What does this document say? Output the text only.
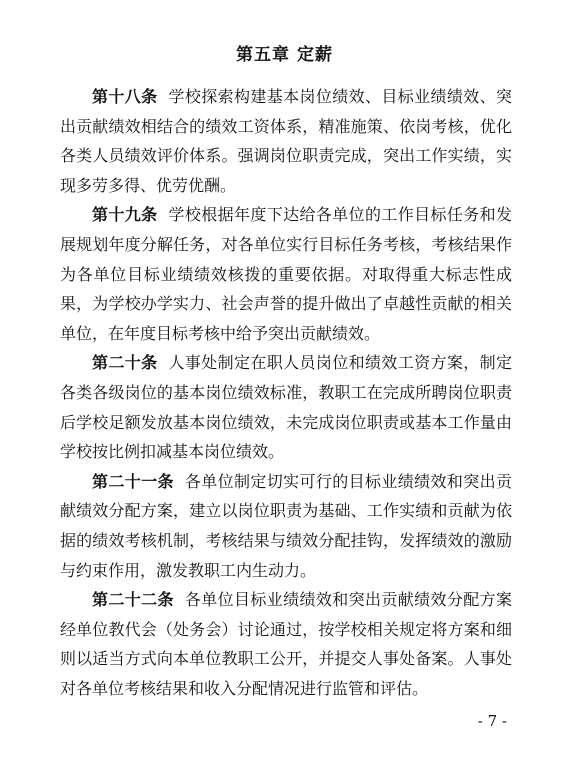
第五章 定薪

第十八条 学校探索构建基本岗位绩效、目标业绩绩效、突出贡献绩效相结合的绩效工资体系，精准施策、依岗考核，优化各类人员绩效评价体系。强调岗位职责完成，突出工作实绩，实现多劳多得、优劳优酬。

第十九条 学校根据年度下达给各单位的工作目标任务和发展规划年度分解任务，对各单位实行目标任务考核，考核结果作为各单位目标业绩绩效核拨的重要依据。对取得重大标志性成果，为学校办学实力、社会声誉的提升做出了卓越性贡献的相关单位，在年度目标考核中给予突出贡献绩效。

第二十条 人事处制定在职人员岗位和绩效工资方案，制定各类各级岗位的基本岗位绩效标准，教职工在完成所聘岗位职责后学校足额发放基本岗位绩效，未完成岗位职责或基本工作量由学校按比例扣减基本岗位绩效。

第二十一条 各单位制定切实可行的目标业绩绩效和突出贡献绩效分配方案，建立以岗位职责为基础、工作实绩和贡献为依据的绩效考核机制，考核结果与绩效分配挂钩，发挥绩效的激励与约束作用，激发教职工内生动力。

第二十二条 各单位目标业绩绩效和突出贡献绩效分配方案经单位教代会（处务会）讨论通过，按学校相关规定将方案和细则以适当方式向本单位教职工公开，并提交人事处备案。人事处对各单位考核结果和收入分配情况进行监管和评估。

- 7 -
